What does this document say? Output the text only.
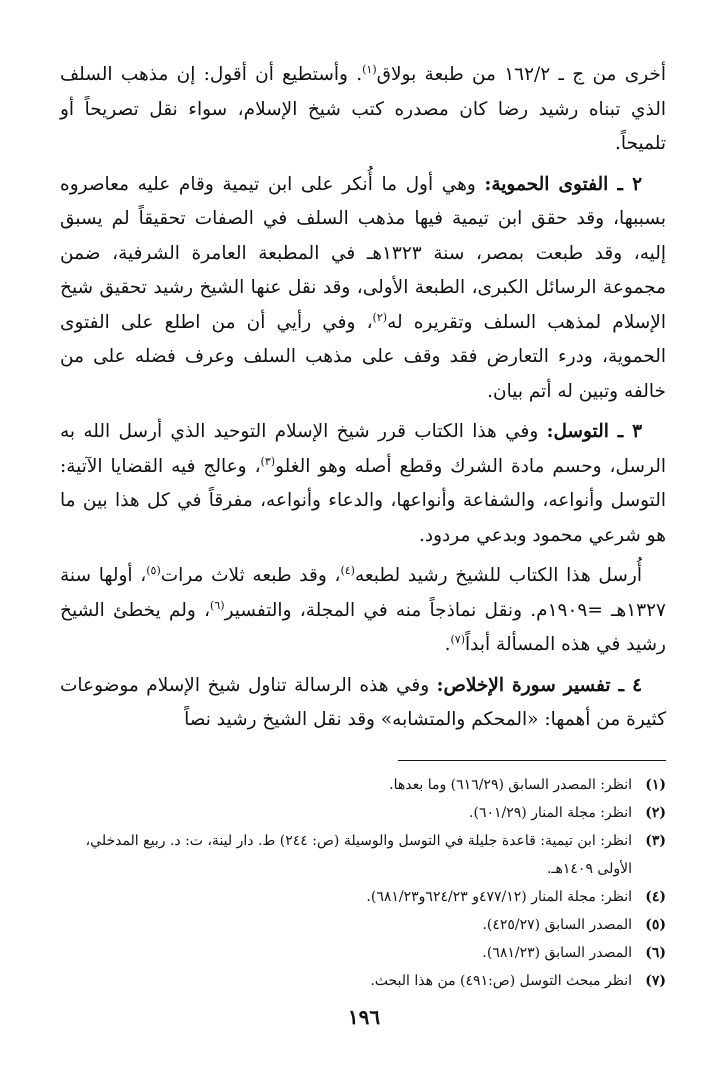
أخرى من ج ـ ١٦٢/٢ من طبعة بولاق$^{(١)}$. وأستطيع أن أقول: إن مذهب السلف الذي تبناه رشيد رضا كان مصدره كتب شيخ الإسلام، سواء نقل تصريحاً أو تلميحاً.

٢ ـ الفتوى الحموية: وهي أول ما أُنكر على ابن تيمية وقام عليه معاصروه بسببها، وقد حقق ابن تيمية فيها مذهب السلف في الصفات تحقيقاً لم يسبق إليه، وقد طبعت بمصر، سنة ١٣٢٣هـ في المطبعة العامرة الشرفية، ضمن مجموعة الرسائل الكبرى، الطبعة الأولى، وقد نقل عنها الشيخ رشيد تحقيق شيخ الإسلام لمذهب السلف وتقريره له$^{(٢)}$، وفي رأيي أن من اطلع على الفتوى الحموية، ودرء التعارض فقد وقف على مذهب السلف وعرف فضله على من خالفه وتبين له أتم بيان.

٣ ـ التوسل: وفي هذا الكتاب قرر شيخ الإسلام التوحيد الذي أرسل الله به الرسل، وحسم مادة الشرك وقطع أصله وهو الغلو$^{(٣)}$، وعالج فيه القضايا الآتية: التوسل وأنواعه، والشفاعة وأنواعها، والدعاء وأنواعه، مفرقاً في كل هذا بين ما هو شرعي محمود وبدعي مردود.

أُرسل هذا الكتاب للشيخ رشيد لطبعه$^{(٤)}$، وقد طبعه ثلاث مرات$^{(٥)}$، أولها سنة ١٣٢٧هـ =١٩٠٩م. ونقل نماذجاً منه في المجلة، والتفسير$^{(٦)}$، ولم يخطئ الشيخ رشيد في هذه المسألة أبداً$^{(٧)}$.

٤ ـ تفسير سورة الإخلاص: وفي هذه الرسالة تناول شيخ الإسلام موضوعات كثيرة من أهمها: «المحكم والمتشابه» وقد نقل الشيخ رشيد نصاً

(١)
انظر: المصدر السابق (٦١٦/٢٩) وما بعدها.
(٢)
انظر: مجلة المنار (٦٠١/٢٩).
(٣)
انظر: ابن تيمية: قاعدة جليلة في التوسل والوسيلة (ص: ٢٤٤) ط. دار لينة، ت: د. ربيع المدخلي، الأولى ١٤٠٩هـ.
(٤)
انظر: مجلة المنار (٤٧٧/١٢و ٦٢٤/٢٣و٦٨١/٢٣).
(٥)
المصدر السابق (٤٢٥/٢٧).
(٦)
المصدر السابق (٦٨١/٢٣).
(٧)
انظر مبحث التوسل (ص:٤٩١) من هذا البحث.
١٩٦
